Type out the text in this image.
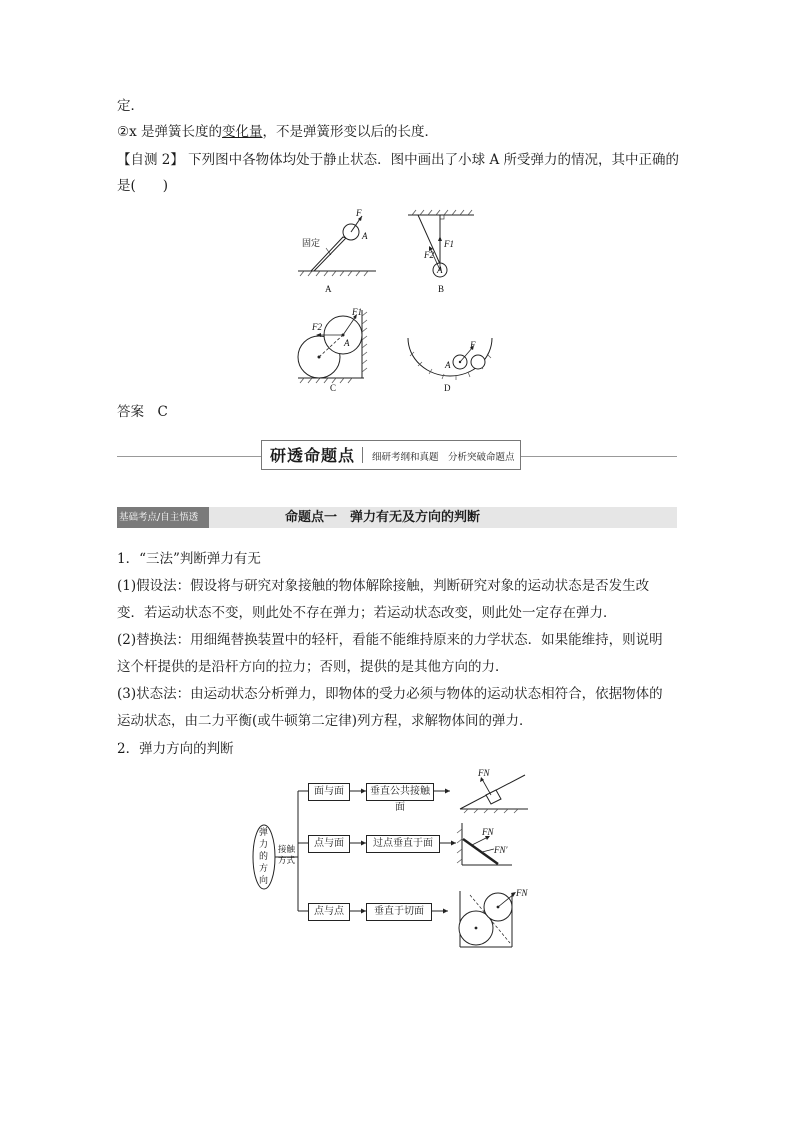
定．
②x 是弹簧长度的变化量，不是弹簧形变以后的长度．
【自测 2】 下列图中各物体均处于静止状态．图中画出了小球 A 所受弹力的情况，其中正确的
是(　　)
固定
A
F
A
F1
F2
A
B
F1
F2
A
C
A
F
D
答案　 C
研透命题点 细研考纲和真题　分析突破命题点
基础考点/自主悟透	命题点一　弹力有无及方向的判断
1．“三法”判断弹力有无
(1)假设法：假设将与研究对象接触的物体解除接触，判断研究对象的运动状态是否发生改
变．若运动状态不变，则此处不存在弹力；若运动状态改变，则此处一定存在弹力．
(2)替换法：用细绳替换装置中的轻杆，看能不能维持原来的力学状态．如果能维持，则说明
这个杆提供的是沿杆方向的拉力；否则，提供的是其他方向的力．
(3)状态法：由运动状态分析弹力，即物体的受力必须与物体的运动状态相符合，依据物体的
运动状态，由二力平衡(或牛顿第二定律)列方程，求解物体间的弹力．
2．弹力方向的判断
弹
力
的
方
向
接触
方式
FN
FN
FN′
FN
面与面	垂直公共接触面
点与面	过点垂直于面
点与点	垂直于切面
